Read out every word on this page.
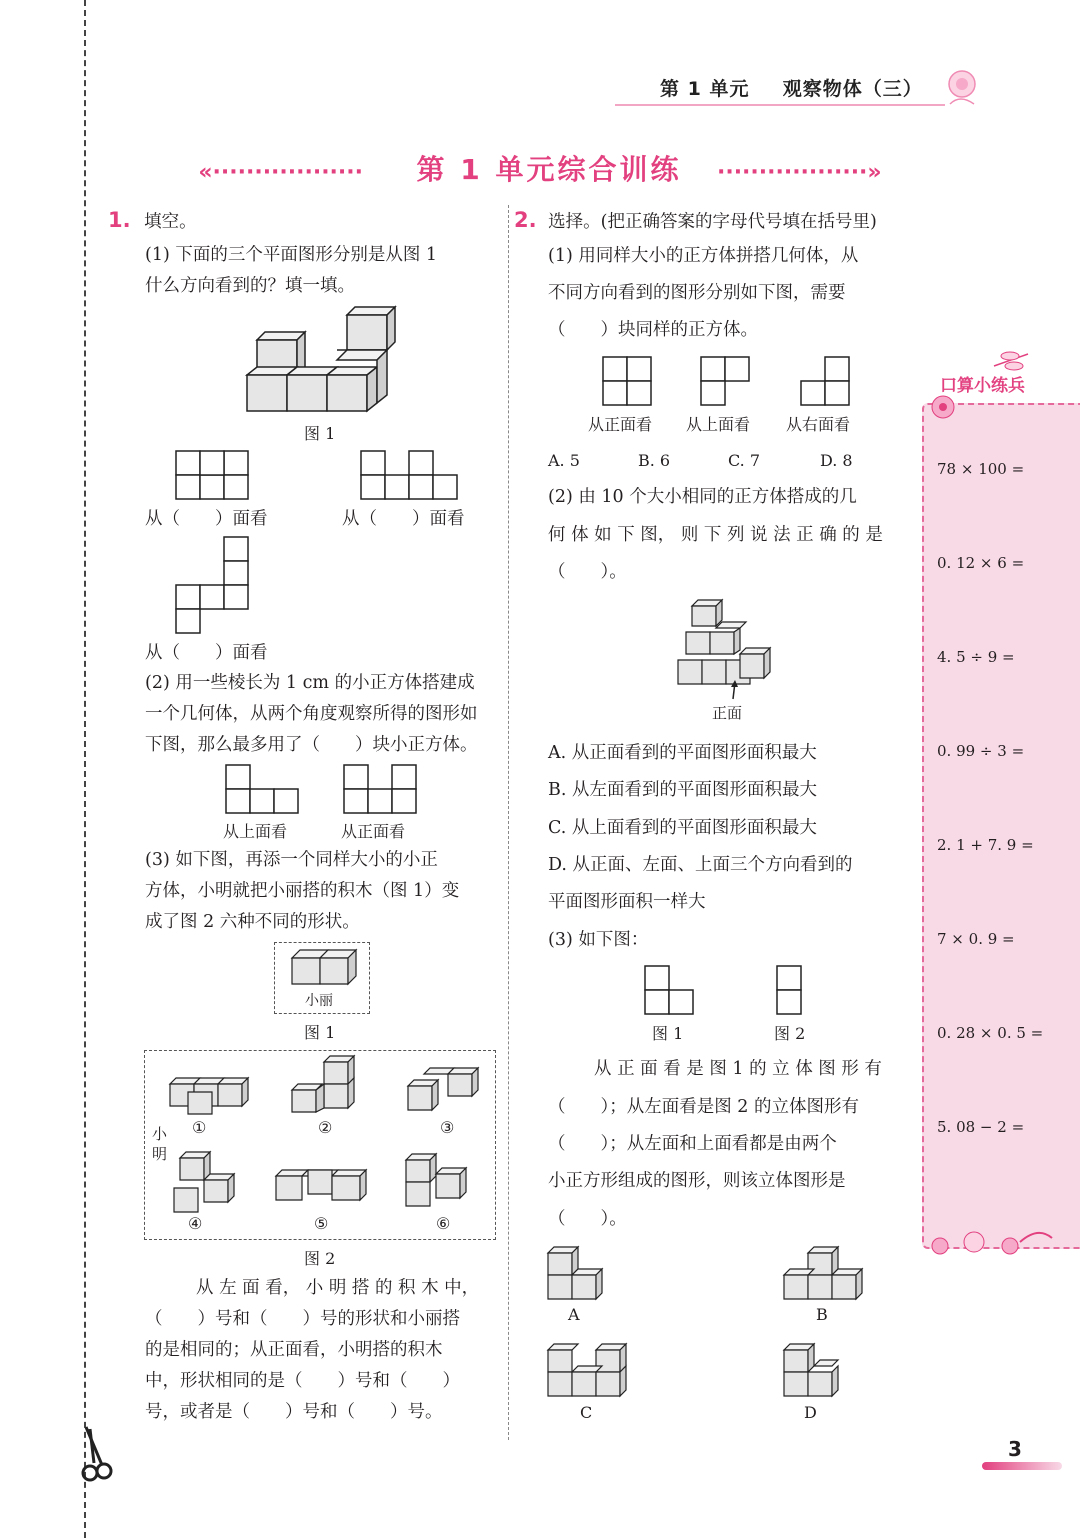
第 1 单元 观察物体（三）
«·················· 第 1 单元综合训练 ··················»
1. 填空。
(1) 下面的三个平面图形分别是从图 1
什么方向看到的？填一填。
图 1
从（　　）面看	从（　　）面看
从（　　）面看
(2) 用一些棱长为 1 cm 的小正方体搭建成
一个几何体，从两个角度观察所得的图形如
下图，那么最多用了（　　）块小正方体。
从上面看	从正面看
(3) 如下图，再添一个同样大小的小正
方体，小明就把小丽搭的积木（图 1）变
成了图 2 六种不同的形状。
小丽
图 1
小明
①	②	③
④	⑤	⑥
图 2
从 左 面 看， 小 明 搭 的 积 木 中，
（　　）号和（　　）号的形状和小丽搭
的是相同的；从正面看，小明搭的积木
中，形状相同的是（　　）号和（　　）
号，或者是（　　）号和（　　）号。
2. 选择。(把正确答案的字母代号填在括号里)
(1) 用同样大小的正方体拼搭几何体，从
不同方向看到的图形分别如下图，需要
（　　）块同样的正方体。
从正面看 从上面看 从右面看
A. 5	B. 6	C. 7	D. 8
(2) 由 10 个大小相同的正方体搭成的几
何 体 如 下 图， 则 下 列 说 法 正 确 的 是
（　　）。
正面
A. 从正面看到的平面图形面积最大
B. 从左面看到的平面图形面积最大
C. 从上面看到的平面图形面积最大
D. 从正面、左面、上面三个方向看到的
平面图形面积一样大
(3) 如下图：
图 1	图 2
从 正 面 看 是 图 1 的 立 体 图 形 有
（　　）；从左面看是图 2 的立体图形有
（　　）；从左面和上面看都是由两个
小正方形组成的图形，则该立体图形是
（　　）。
A	B
C	D
口算小练兵
78 × 100 =
0. 12 × 6 =
4. 5 ÷ 9 =
0. 99 ÷ 3 =
2. 1 + 7. 9 =
7 × 0. 9 =
0. 28 × 0. 5 =
5. 08 − 2 =
3
